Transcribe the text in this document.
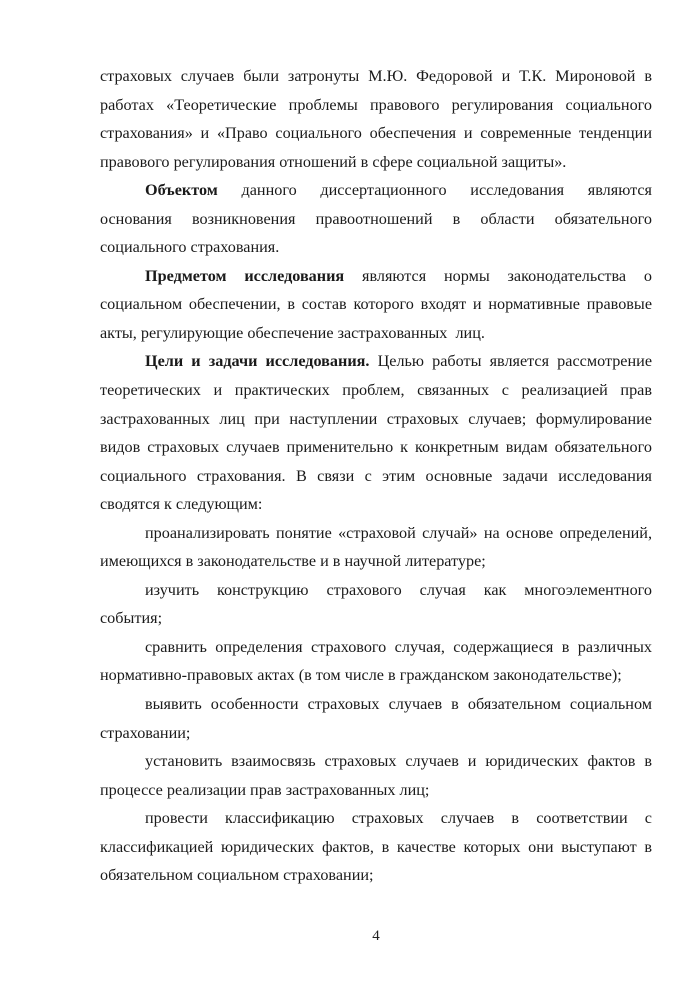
страховых случаев были затронуты М.Ю. Федоровой и Т.К. Мироновой в
работах «Теоретические проблемы правового регулирования социального
страхования» и «Право социального обеспечения и современные тенденции
правового регулирования отношений в сфере социальной защиты».
Объектом данного диссертационного исследования являются
основания возникновения правоотношений в области обязательного
социального страхования.
Предметом исследования являются нормы законодательства о
социальном обеспечении, в состав которого входят и нормативные правовые
акты, регулирующие обеспечение застрахованных  лиц.
Цели и задачи исследования. Целью работы является рассмотрение
теоретических и практических проблем, связанных с реализацией прав
застрахованных лиц при наступлении страховых случаев; формулирование
видов страховых случаев применительно к конкретным видам обязательного
социального страхования. В связи с этим основные задачи исследования
сводятся к следующим:
проанализировать понятие «страховой случай» на основе определений,
имеющихся в законодательстве и в научной литературе;
изучить конструкцию страхового случая как многоэлементного
события;
сравнить определения страхового случая, содержащиеся в различных
нормативно-правовых актах (в том числе в гражданском законодательстве);
выявить особенности страховых случаев в обязательном социальном
страховании;
установить взаимосвязь страховых случаев и юридических фактов в
процессе реализации прав застрахованных лиц;
провести классификацию страховых случаев в соответствии с
классификацией юридических фактов, в качестве которых они выступают в
обязательном социальном страховании;
4
